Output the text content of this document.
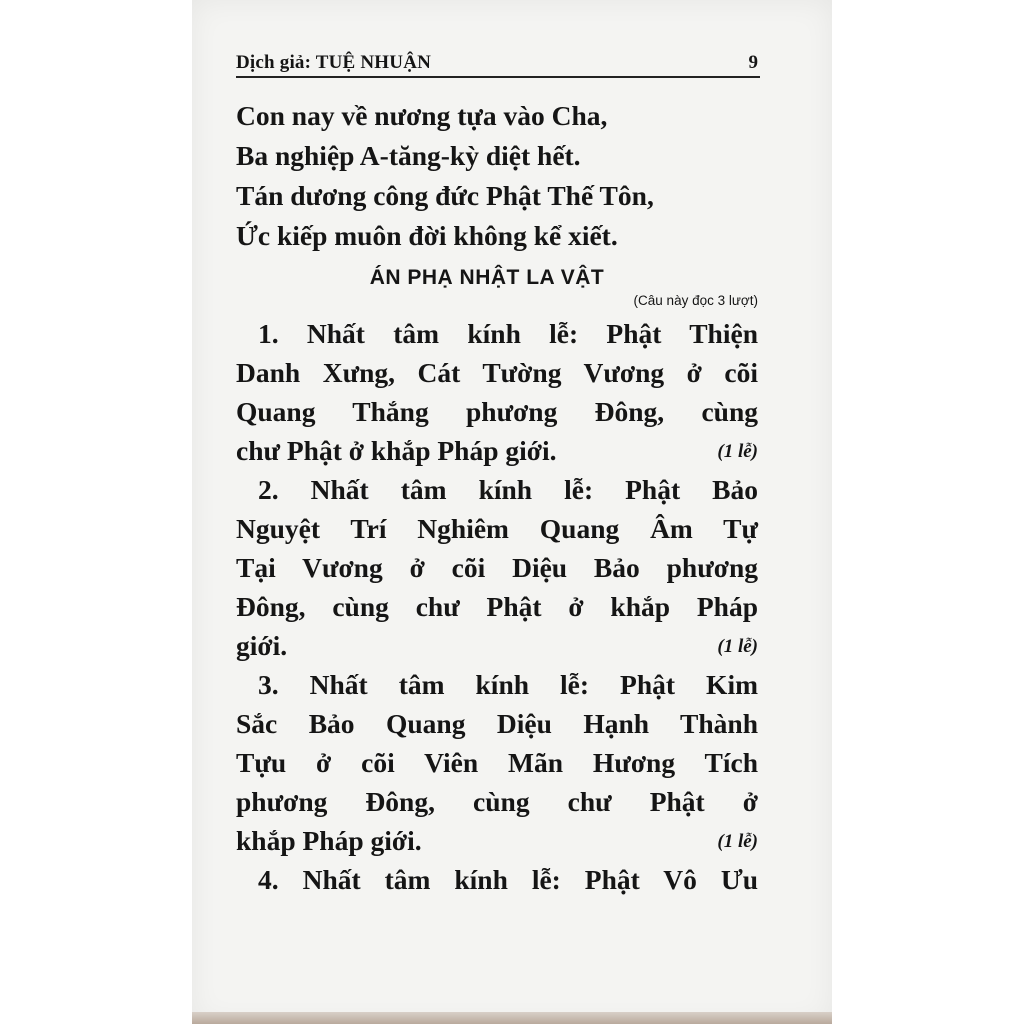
Dịch giả: TUỆ NHUẬN	9

Con nay về nương tựa vào Cha,

Ba nghiệp A-tăng-kỳ diệt hết.

Tán dương công đức Phật Thế Tôn,

Ức kiếp muôn đời không kể xiết.

ÁN PHẠ NHẬT LA VẬT

(Câu này đọc 3 lượt)

1. Nhất tâm kính lễ: Phật Thiện

Danh Xưng, Cát Tường Vương ở cõi

Quang Thắng phương Đông, cùng

chư Phật ở khắp Pháp giới.	(1 lễ)

2. Nhất tâm kính lễ: Phật Bảo

Nguyệt Trí Nghiêm Quang Âm Tự

Tại Vương ở cõi Diệu Bảo phương

Đông, cùng chư Phật ở khắp Pháp

giới.	(1 lễ)

3. Nhất tâm kính lễ: Phật Kim

Sắc Bảo Quang Diệu Hạnh Thành

Tựu ở cõi Viên Mãn Hương Tích

phương Đông, cùng chư Phật ở

khắp Pháp giới.	(1 lễ)

4. Nhất tâm kính lễ: Phật Vô Ưu
